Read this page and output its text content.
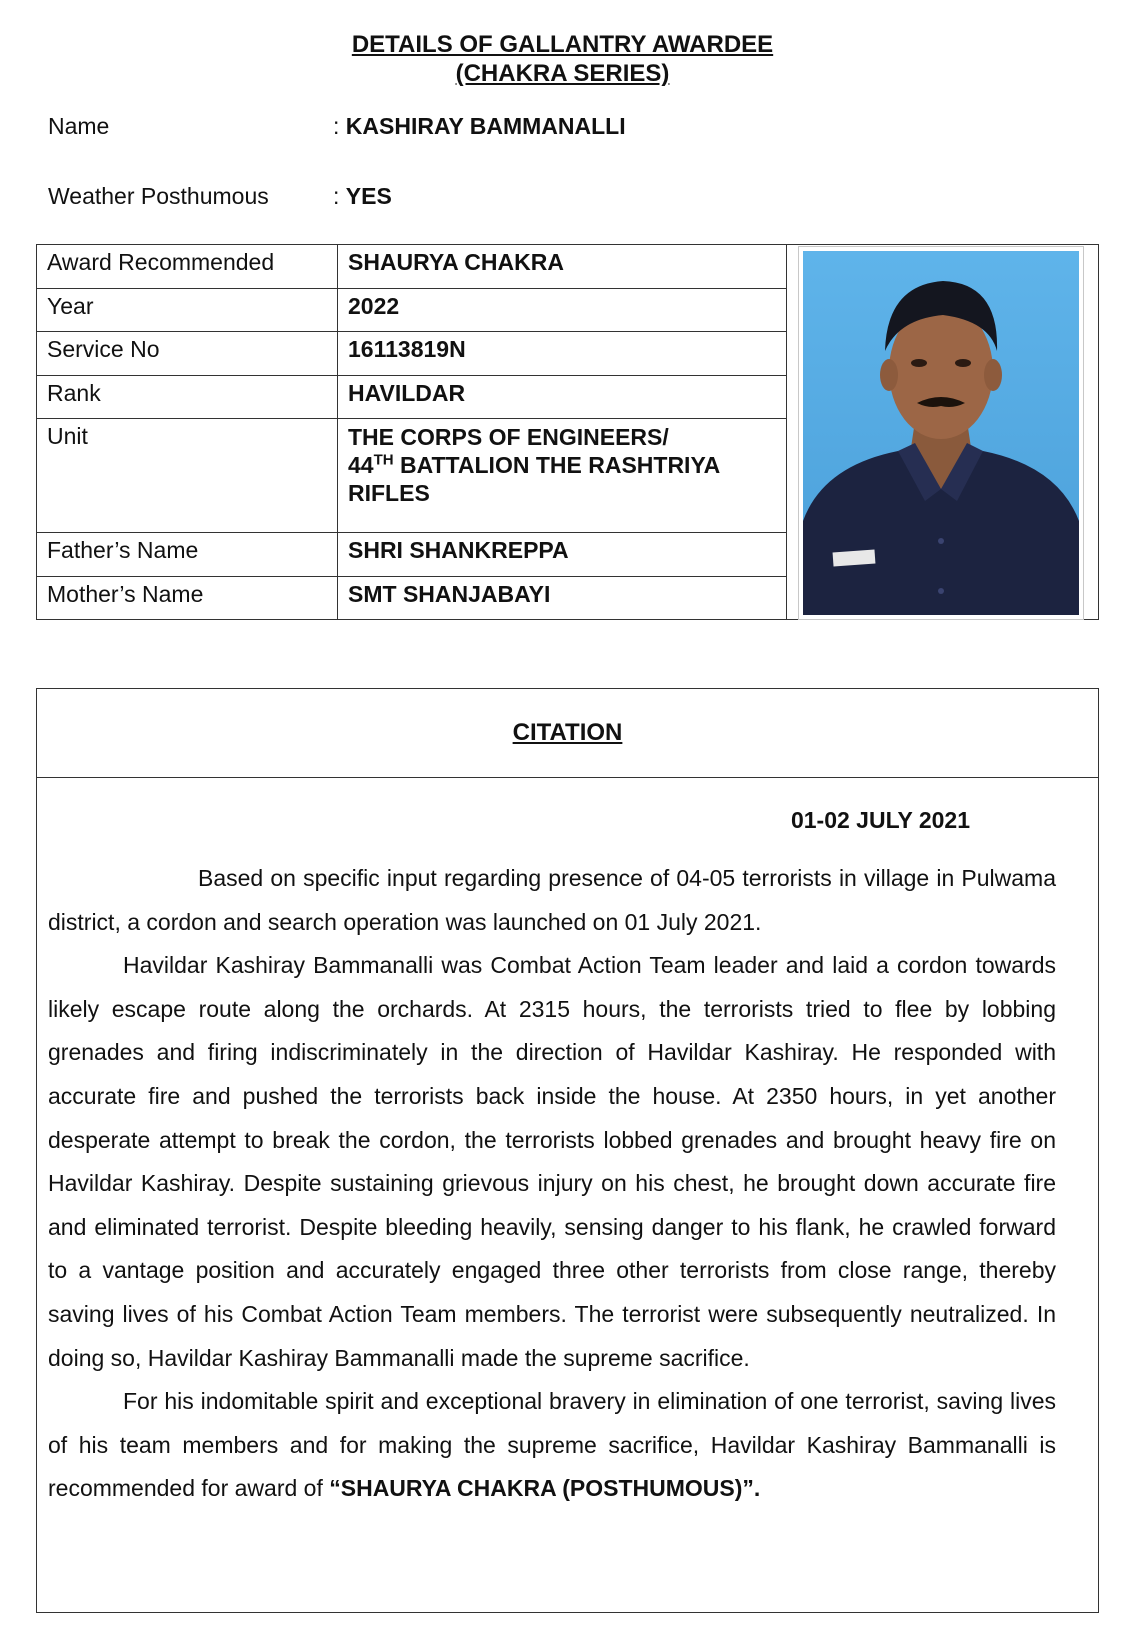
DETAILS OF GALLANTRY AWARDEE
(CHAKRA SERIES)
Name	: KASHIRAY BAMMANALLI
Weather Posthumous	: YES
Award Recommended	SHAURYA CHAKRA	

Year	2022	
Service No	16113819N	
Rank	HAVILDAR	
Unit	THE CORPS OF ENGINEERS/
44TH BATTALION THE RASHTRIYA
RIFLES	

Father’s Name	SHRI SHANKREPPA	
Mother’s Name	SMT SHANJABAYI	
CITATION
01-02 JULY 2021

Based on specific input regarding presence of 04-05 terrorists in village in Pulwama district, a cordon and search operation was launched on 01 July 2021.

Havildar Kashiray Bammanalli was Combat Action Team leader and laid a cordon towards likely escape route along the orchards. At 2315 hours, the terrorists tried to flee by lobbing grenades and firing indiscriminately in the direction of Havildar Kashiray. He responded with accurate fire and pushed the terrorists back inside the house. At 2350 hours, in yet another desperate attempt to break the cordon, the terrorists lobbed grenades and brought heavy fire on Havildar Kashiray. Despite sustaining grievous injury on his chest, he brought down accurate fire and eliminated terrorist. Despite bleeding heavily, sensing danger to his flank, he crawled forward to a vantage position and accurately engaged three other terrorists from close range, thereby saving lives of his Combat Action Team members. The terrorist were subsequently neutralized. In doing so, Havildar Kashiray Bammanalli made the supreme sacrifice.

For his indomitable spirit and exceptional bravery in elimination of one terrorist, saving lives of his team members and for making the supreme sacrifice, Havildar Kashiray Bammanalli is recommended for award of “SHAURYA CHAKRA (POSTHUMOUS)”.
